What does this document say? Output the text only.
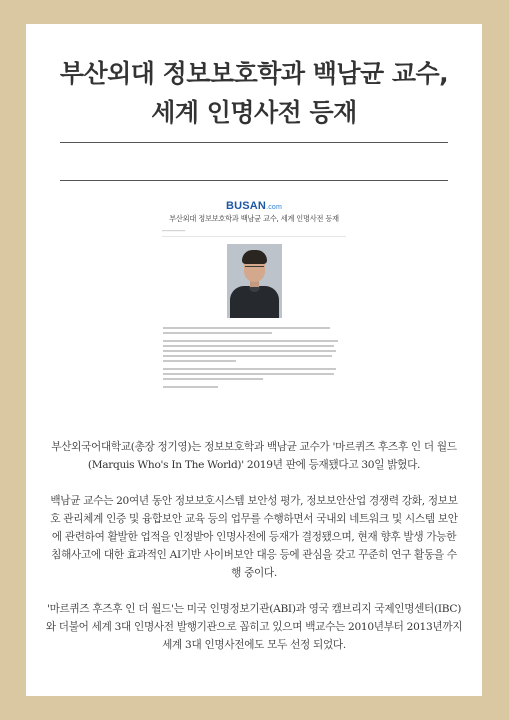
부산외대 정보보호학과 백남균 교수,
세계 인명사전 등재
BUSAN.com
부산외대 정보보호학과 백남균 교수, 세계 인명사전 등재
━━━━━━━━━━━

부산외국어대학교(총장 정기영)는 정보보호학과 백남균 교수가 '마르퀴즈 후즈후 인 더 월드
(Marquis Who's In The World)' 2019년 판에 등재됐다고 30일 밝혔다.

백남균 교수는 20여년 동안 정보보호시스템 보안성 평가, 정보보안산업 경쟁력 강화, 정보보
호 관리체계 인증 및 융합보안 교육 등의 업무를 수행하면서 국내외 네트워크 및 시스템 보안
에 관련하여 활발한 업적을 인정받아 인명사전에 등재가 결정됐으며, 현재 향후 발생 가능한
침해사고에 대한 효과적인 AI기반 사이버보안 대응 등에 관심을 갖고 꾸준히 연구 활동을 수
행 중이다.

'마르퀴즈 후즈후 인 더 월드'는 미국 인명정보기관(ABI)과 영국 캠브리지 국제인명센터(IBC)
와 더불어 세계 3대 인명사전 발행기관으로 꼽히고 있으며 백교수는 2010년부터 2013년까지
세계 3대 인명사전에도 모두 선정 되었다.
